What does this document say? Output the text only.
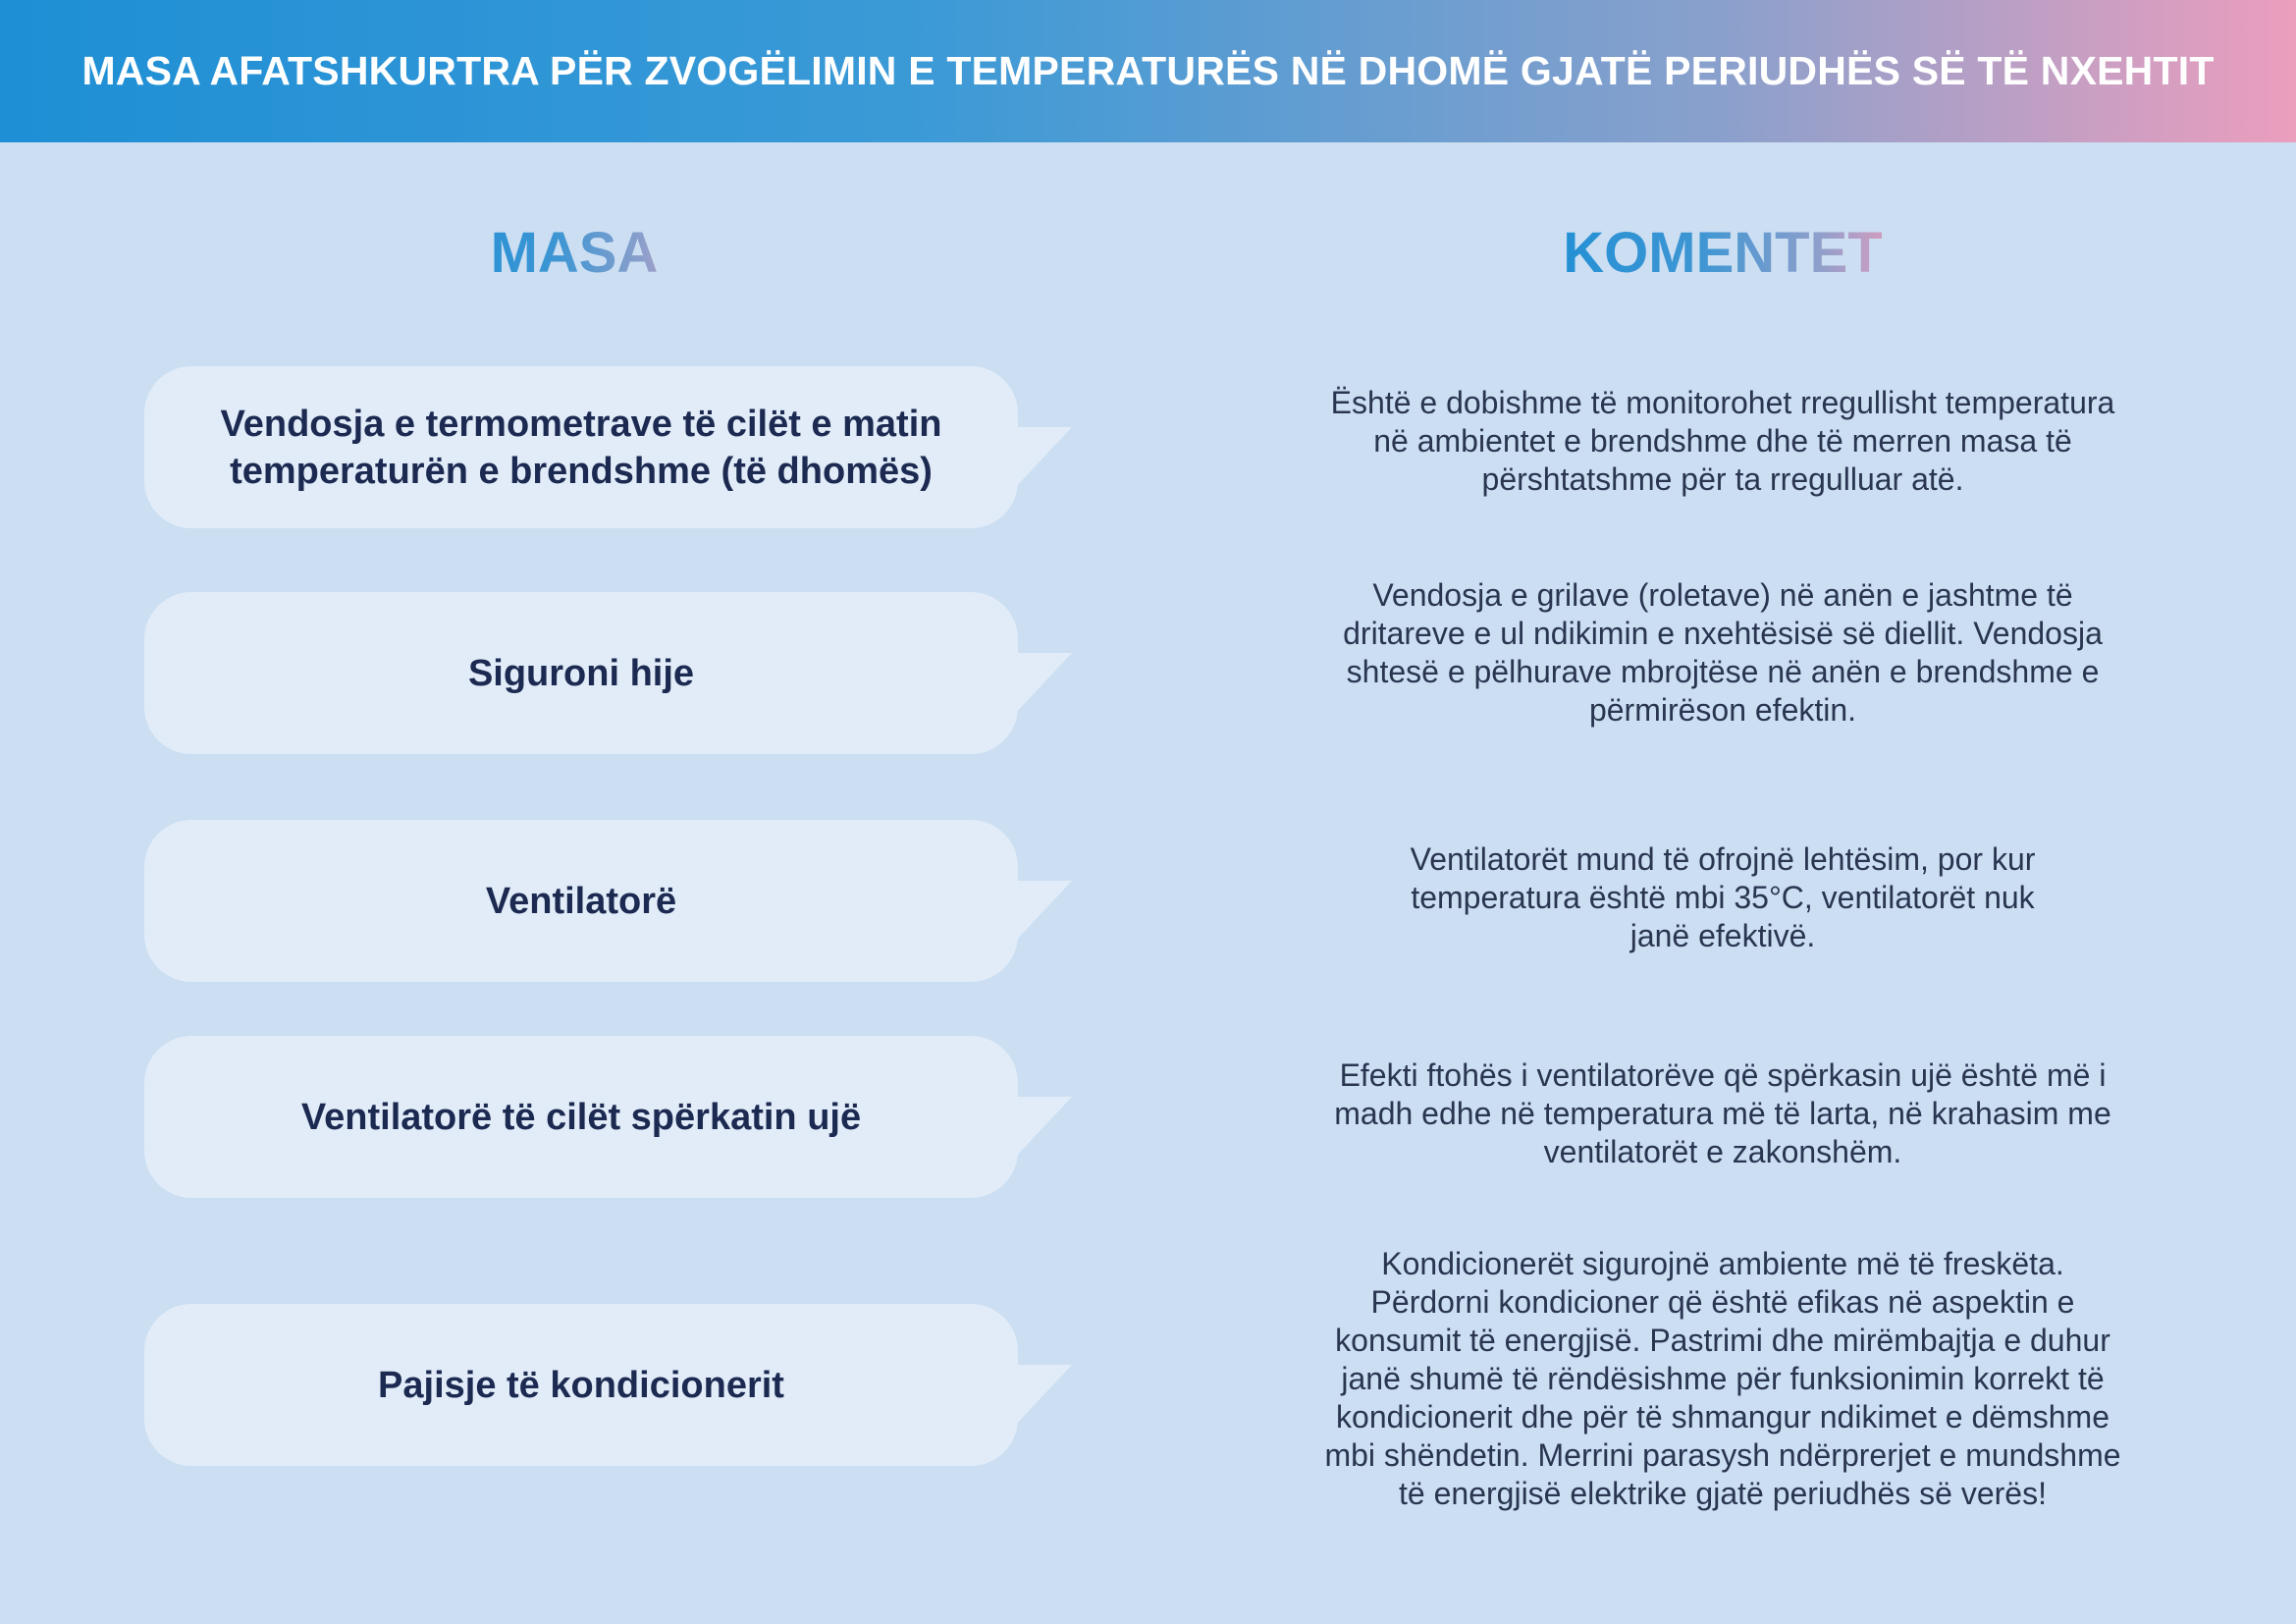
MASA AFATSHKURTRA PËR ZVOGËLIMIN E TEMPERATURËS NË DHOMË GJATË PERIUDHËS SË TË NXEHTIT
MASA	KOMENTET
Vendosja e termometrave të cilët e matin temperaturën e brendshme (të dhomës)
Është e dobishme të monitorohet rregullisht temperatura në ambientet e brendshme dhe të merren masa të përshtatshme për ta rregulluar atë.
Siguroni hije
Vendosja e grilave (roletave) në anën e jashtme të dritareve e ul ndikimin e nxehtësisë së diellit. Vendosja shtesë e pëlhurave mbrojtëse në anën e brendshme e përmirëson efektin.
Ventilatorë
Ventilatorët mund të ofrojnë lehtësim, por kur temperatura është mbi 35°C, ventilatorët nuk janë efektivë.
Ventilatorë të cilët spërkatin ujë
Efekti ftohës i ventilatorëve që spërkasin ujë është më i madh edhe në temperatura më të larta, në krahasim me ventilatorët e zakonshëm.
Pajisje të kondicionerit
Kondicionerët sigurojnë ambiente më të freskëta. Përdorni kondicioner që është efikas në aspektin e konsumit të energjisë. Pastrimi dhe mirëmbajtja e duhur janë shumë të rëndësishme për funksionimin korrekt të kondicionerit dhe për të shmangur ndikimet e dëmshme mbi shëndetin. Merrini parasysh ndërprerjet e mundshme të energjisë elektrike gjatë periudhës së verës!
